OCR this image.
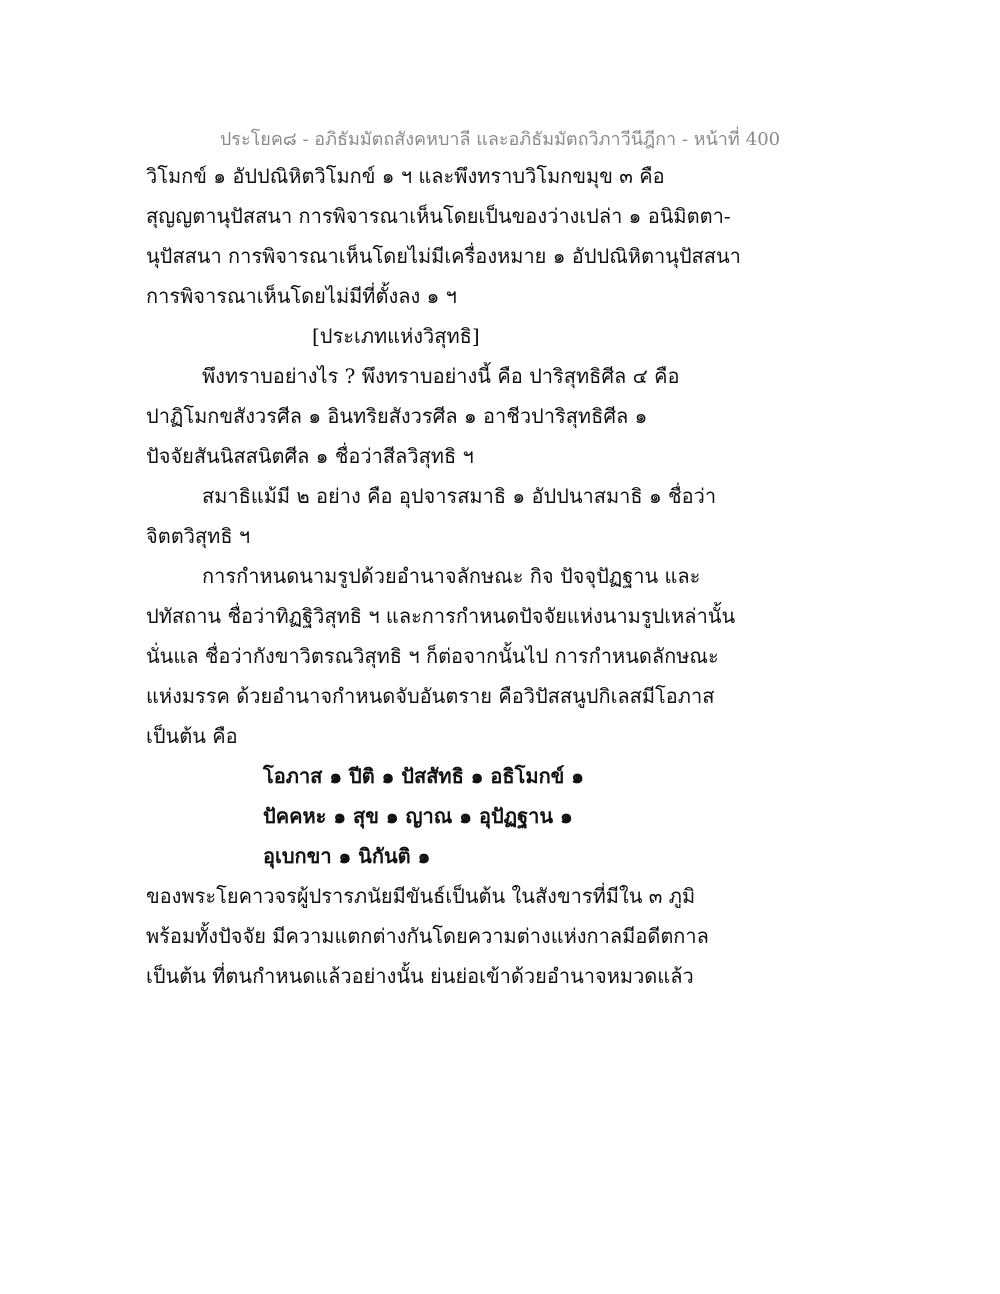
ประโยค๘ - อภิธัมมัตถสังคหบาลี และอภิธัมมัตถวิภาวีนีฎีกา - หน้าที่ 400
วิโมกข์ ๑ อัปปณิหิตวิโมกข์ ๑ ฯ และพึงทราบวิโมกขมุข ๓ คือ
สุญญตานุปัสสนา การพิจารณาเห็นโดยเป็นของว่างเปล่า ๑ อนิมิตตา-
นุปัสสนา การพิจารณาเห็นโดยไม่มีเครื่องหมาย ๑ อัปปณิหิตานุปัสสนา
การพิจารณาเห็นโดยไม่มีที่ตั้งลง ๑ ฯ
[ประเภทแห่งวิสุทธิ]
พึงทราบอย่างไร ? พึงทราบอย่างนี้ คือ ปาริสุทธิศีล ๔ คือ
ปาฏิโมกขสังวรศีล ๑ อินทริยสังวรศีล ๑ อาชีวปาริสุทธิศีล ๑
ปัจจัยสันนิสสนิตศีล ๑ ชื่อว่าสีลวิสุทธิ ฯ
สมาธิแม้มี ๒ อย่าง คือ อุปจารสมาธิ ๑ อัปปนาสมาธิ ๑ ชื่อว่า
จิตตวิสุทธิ ฯ
การกำหนดนามรูปด้วยอำนาจลักษณะ กิจ ปัจจุปัฏฐาน และ
ปทัสถาน ชื่อว่าทิฏฐิวิสุทธิ ฯ และการกำหนดปัจจัยแห่งนามรูปเหล่านั้น
นั่นแล ชื่อว่ากังขาวิตรณวิสุทธิ ฯ ก็ต่อจากนั้นไป การกำหนดลักษณะ
แห่งมรรค ด้วยอำนาจกำหนดจับอันตราย คือวิปัสสนูปกิเลสมีโอภาส
เป็นต้น คือ
โอภาส ๑ ปีติ ๑ ปัสสัทธิ ๑ อธิโมกข์ ๑
ปัคคหะ ๑ สุข ๑ ญาณ ๑ อุปัฏฐาน ๑
อุเบกขา ๑ นิกันติ ๑
ของพระโยคาวจรผู้ปรารภนัยมีขันธ์เป็นต้น ในสังขารที่มีใน ๓ ภูมิ
พร้อมทั้งปัจจัย มีความแตกต่างกันโดยความต่างแห่งกาลมีอดีตกาล
เป็นต้น ที่ตนกำหนดแล้วอย่างนั้น ย่นย่อเข้าด้วยอำนาจหมวดแล้ว
